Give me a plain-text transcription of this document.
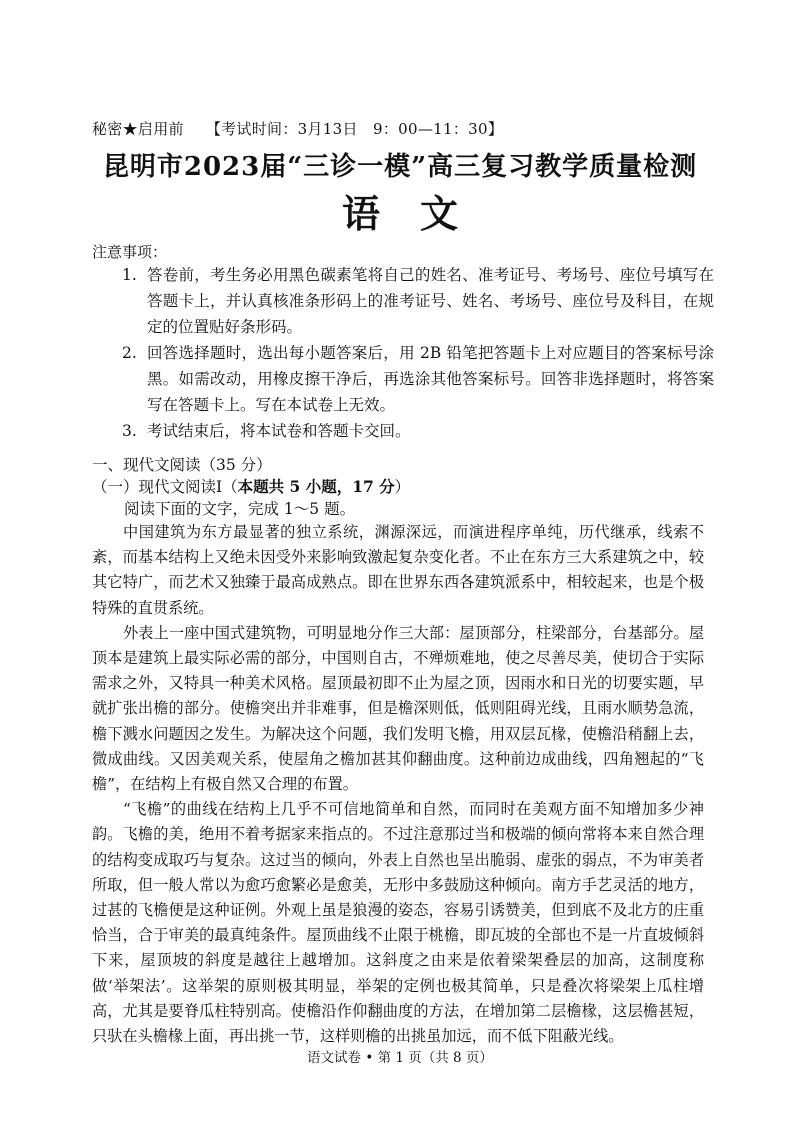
秘密★启用前 【考试时间：3月13日　9：00—11：30】
昆明市2023届“三诊一模”高三复习教学质量检测
语文
注意事项：
1. 答卷前，考生务必用黑色碳素笔将自己的姓名、准考证号、考场号、座位号填写在答题卡上，并认真核准条形码上的准考证号、姓名、考场号、座位号及科目，在规定的位置贴好条形码。
2. 回答选择题时，选出每小题答案后，用 2B 铅笔把答题卡上对应题目的答案标号涂黑。如需改动，用橡皮擦干净后，再选涂其他答案标号。回答非选择题时，将答案写在答题卡上。写在本试卷上无效。
3. 考试结束后，将本试卷和答题卡交回。
一、现代文阅读（35 分）
（一）现代文阅读Ⅰ（本题共 5 小题，17 分）
阅读下面的文字，完成 1～5 题。

中国建筑为东方最显著的独立系统，渊源深远，而演进程序单纯，历代继承，线索不紊，而基本结构上又绝未因受外来影响致激起复杂变化者。不止在东方三大系建筑之中，较其它特广，而艺术又独臻于最高成熟点。即在世界东西各建筑派系中，相较起来，也是个极特殊的直贯系统。

外表上一座中国式建筑物，可明显地分作三大部：屋顶部分，柱梁部分，台基部分。屋顶本是建筑上最实际必需的部分，中国则自古，不殚烦难地，使之尽善尽美，使切合于实际需求之外，又特具一种美术风格。屋顶最初即不止为屋之顶，因雨水和日光的切要实题，早就扩张出檐的部分。使檐突出并非难事，但是檐深则低，低则阻碍光线，且雨水顺势急流，檐下溅水问题因之发生。为解决这个问题，我们发明飞檐，用双层瓦椽，使檐沿稍翻上去，微成曲线。又因美观关系，使屋角之檐加甚其仰翻曲度。这种前边成曲线，四角翘起的“飞檐”，在结构上有极自然又合理的布置。

“飞檐”的曲线在结构上几乎不可信地简单和自然，而同时在美观方面不知增加多少神韵。飞檐的美，绝用不着考据家来指点的。不过注意那过当和极端的倾向常将本来自然合理的结构变成取巧与复杂。这过当的倾向，外表上自然也呈出脆弱、虚张的弱点，不为审美者所取，但一般人常以为愈巧愈繁必是愈美，无形中多鼓励这种倾向。南方手艺灵活的地方，过甚的飞檐便是这种证例。外观上虽是狼漫的姿态，容易引诱赞美，但到底不及北方的庄重恰当，合于审美的最真纯条件。屋顶曲线不止限于桃檐，即瓦坡的全部也不是一片直坡倾斜下来，屋顶坡的斜度是越往上越增加。这斜度之由来是依着梁架叠层的加高，这制度称做‘举架法’。这举架的原则极其明显，举架的定例也极其简单，只是叠次将梁架上瓜柱增高，尤其是要脊瓜柱特别高。使檐沿作仰翻曲度的方法，在增加第二层檐椽，这层檐甚短，只驮在头檐椽上面，再出挑一节，这样则檐的出挑虽加远，而不低下阻蔽光线。

语文试卷 • 第 1 页（共 8 页）
